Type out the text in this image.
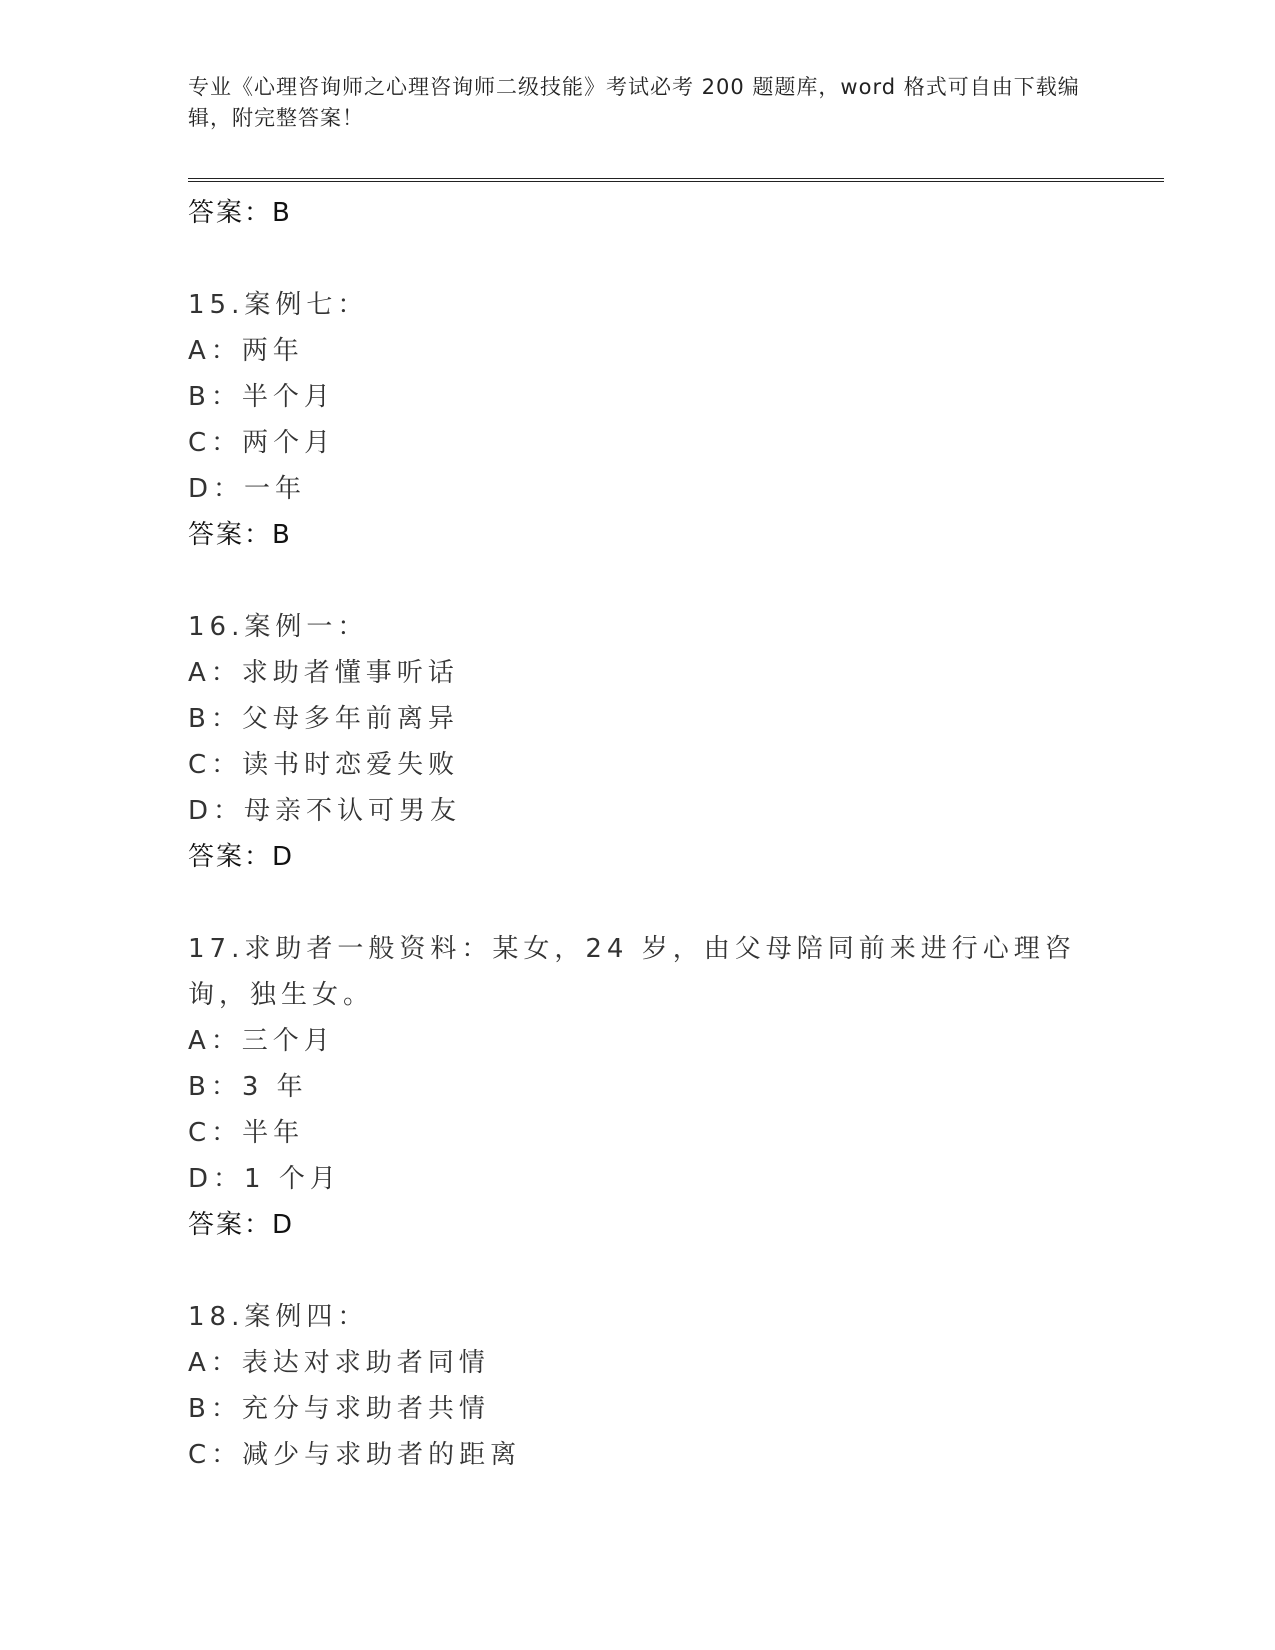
专业《心理咨询师之心理咨询师二级技能》考试必考 200 题题库，word 格式可自由下载编辑，附完整答案！
答案：B
15.案例七：
A：两年
B：半个月
C：两个月
D：一年
答案：B
16.案例一：
A：求助者懂事听话
B：父母多年前离异
C：读书时恋爱失败
D：母亲不认可男友
答案：D
17.求助者一般资料：某女，24 岁，由父母陪同前来进行心理咨询，独生女。
A：三个月
B：3 年
C：半年
D：1 个月
答案：D
18.案例四：
A：表达对求助者同情
B：充分与求助者共情
C：减少与求助者的距离
